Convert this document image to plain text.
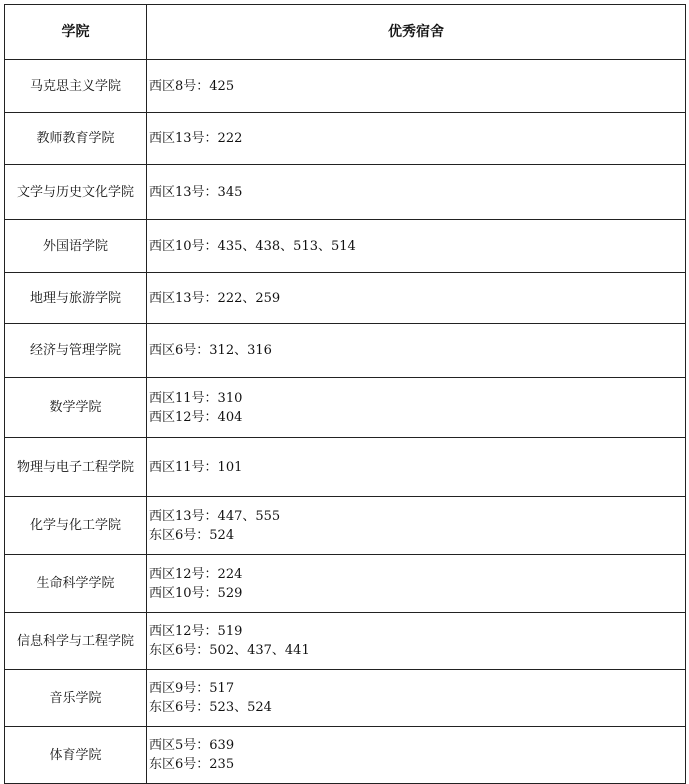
学院	优秀宿舍
马克思主义学院	西区8号：425

教师教育学院	西区13号：222

文学与历史文化学院	西区13号：345

外国语学院	西区10号：435、438、513、514

地理与旅游学院	西区13号：222、259

经济与管理学院	西区6号：312、316

数学学院	西区11号：310
西区12号：404

物理与电子工程学院	西区11号：101

化学与化工学院	西区13号：447、555
东区6号：524

生命科学学院	西区12号：224
西区10号：529

信息科学与工程学院	西区12号：519
东区6号：502、437、441

音乐学院	西区9号：517
东区6号：523、524

体育学院	西区5号：639
东区6号：235
